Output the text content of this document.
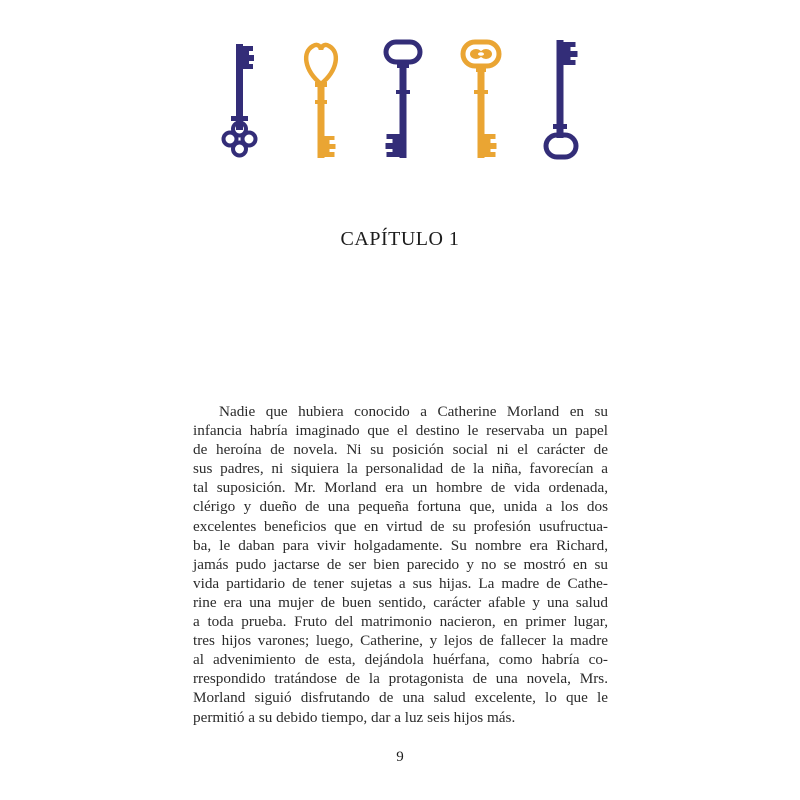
CAPÍTULO 1
Nadie que hubiera conocido a Catherine Morland en su
infancia habría imaginado que el destino le reservaba un papel
de heroína de novela. Ni su posición social ni el carácter de
sus padres, ni siquiera la personalidad de la niña, favorecían a
tal suposición. Mr. Morland era un hombre de vida ordenada,
clérigo y dueño de una pequeña fortuna que, unida a los dos
excelentes beneficios que en virtud de su profesión usufructua-
ba, le daban para vivir holgadamente. Su nombre era Richard,
jamás pudo jactarse de ser bien parecido y no se mostró en su
vida partidario de tener sujetas a sus hijas. La madre de Cathe-
rine era una mujer de buen sentido, carácter afable y una salud
a toda prueba. Fruto del matrimonio nacieron, en primer lugar,
tres hijos varones; luego, Catherine, y lejos de fallecer la madre
al advenimiento de esta, dejándola huérfana, como habría co-
rrespondido tratándose de la protagonista de una novela, Mrs.
Morland siguió disfrutando de una salud excelente, lo que le
permitió a su debido tiempo, dar a luz seis hijos más.
9
